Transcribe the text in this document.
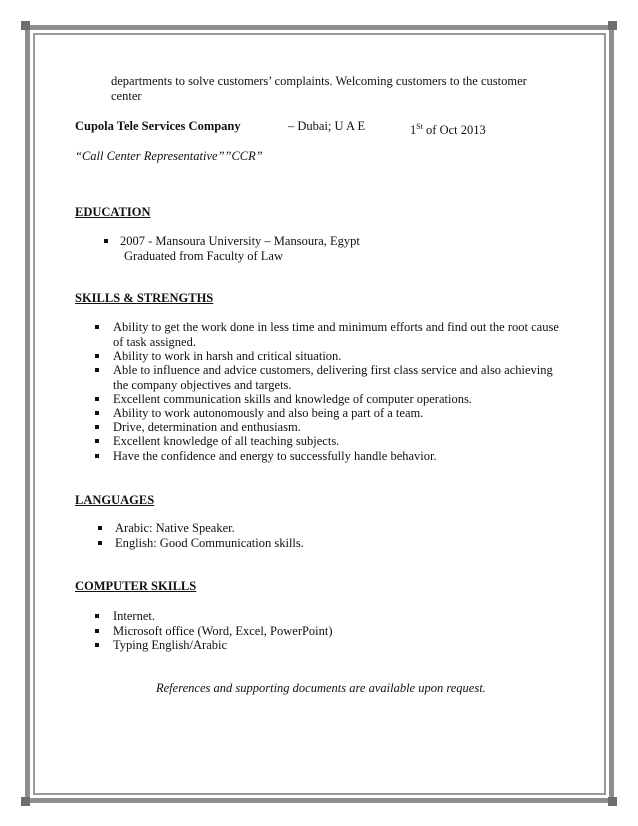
departments to solve customers’ complaints. Welcoming customers to the customer
center
Cupola Tele Services Company	– Dubai; U A E	1St of Oct 2013
“Call Center Representative””CCR”
EDUCATION
2007 - Mansoura University – Mansoura, Egypt
Graduated from Faculty of Law
SKILLS & STRENGTHS
Ability to get the work done in less time and minimum efforts and find out the root cause
of task assigned.
Ability to work in harsh and critical situation.
Able to influence and advice customers, delivering first class service and also achieving
the company objectives and targets.
Excellent communication skills and knowledge of computer operations.
Ability to work autonomously and also being a part of a team.
Drive, determination and enthusiasm.
Excellent knowledge of all teaching subjects.
Have the confidence and energy to successfully handle behavior.
LANGUAGES
Arabic: Native Speaker.
English: Good Communication skills.
COMPUTER SKILLS
Internet.
Microsoft office (Word, Excel, PowerPoint)
Typing English/Arabic
References and supporting documents are available upon request.
